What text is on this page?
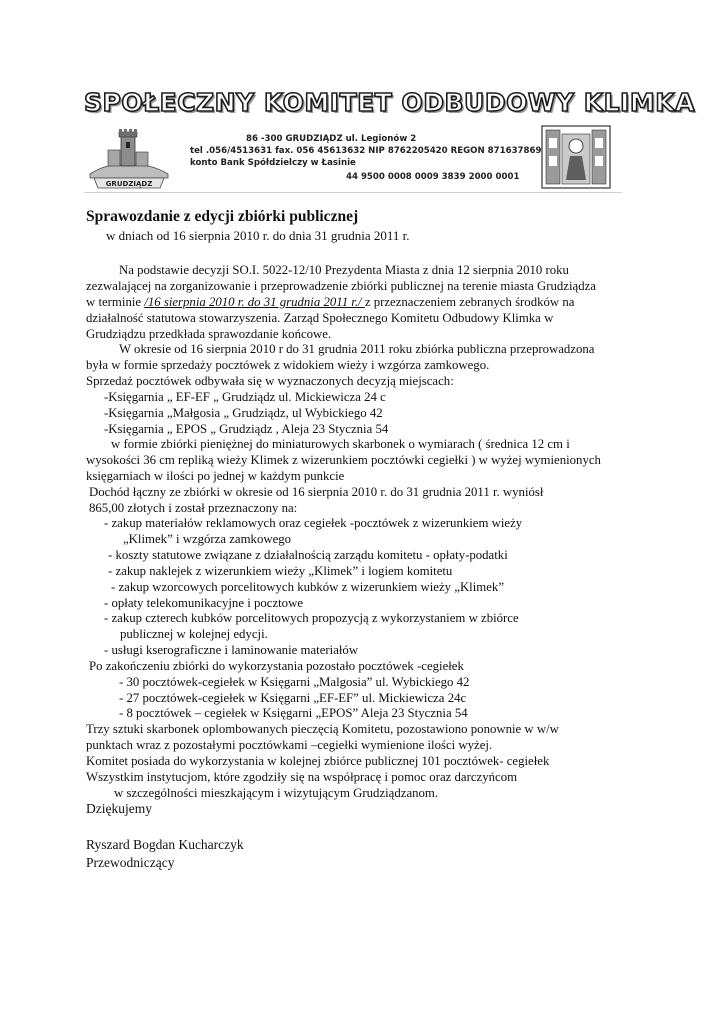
SPOŁECZNY KOMITET ODBUDOWY KLIMKA
GRUDZIĄDZ
86 -300 GRUDZIĄDZ ul. Legionów 2
tel .056/4513631 fax. 056 45613632 NIP 8762205420 REGON 871637869
konto Bank Spółdzielczy w Łasinie
44 9500 0008 0009 3839 2000 0001
Sprawozdanie z edycji zbiórki publicznej
w dniach od 16 sierpnia 2010 r. do dnia 31 grudnia 2011 r.
Na podstawie decyzji SO.I. 5022-12/10 Prezydenta Miasta z dnia 12 sierpnia 2010 roku
zezwalającej na zorganizowanie i przeprowadzenie zbiórki publicznej na terenie miasta Grudziądza
w terminie /16 sierpnia 2010 r. do 31 grudnia 2011 r./ z przeznaczeniem zebranych środków na
działalność statutowa stowarzyszenia. Zarząd Społecznego Komitetu Odbudowy Klimka w
Grudziądzu przedkłada sprawozdanie końcowe.
W okresie od 16 sierpnia 2010 r do 31 grudnia 2011 roku zbiórka publiczna przeprowadzona
była w formie sprzedaży pocztówek z widokiem wieży i wzgórza zamkowego.
Sprzedaż pocztówek odbywała się w wyznaczonych decyzją miejscach:
-Księgarnia „ EF-EF „ Grudziądz ul. Mickiewicza 24 c
-Księgarnia „Małgosia „ Grudziądz, ul Wybickiego 42
-Księgarnia „ EPOS „ Grudziądz , Aleja 23 Stycznia 54
w formie zbiórki pieniężnej do miniaturowych skarbonek o wymiarach ( średnica 12 cm i
wysokości 36 cm repliką wieży Klimek z wizerunkiem pocztówki cegiełki ) w wyżej wymienionych
księgarniach w ilości po jednej w każdym punkcie
Dochód łączny ze zbiórki w okresie od 16 sierpnia 2010 r. do 31 grudnia 2011 r. wyniósł
865,00 złotych i został przeznaczony na:
- zakup materiałów reklamowych oraz cegiełek -pocztówek z wizerunkiem wieży
„Klimek” i wzgórza zamkowego
- koszty statutowe związane z działalnością zarządu komitetu - opłaty-podatki
- zakup naklejek z wizerunkiem wieży „Klimek” i logiem komitetu
- zakup wzorcowych porcelitowych kubków z wizerunkiem wieży „Klimek”
- opłaty telekomunikacyjne i pocztowe
- zakup czterech kubków porcelitowych propozycją z wykorzystaniem w zbiórce
publicznej w kolejnej edycji.
- usługi kserograficzne i laminowanie materiałów
Po zakończeniu zbiórki do wykorzystania pozostało pocztówek -cegiełek
- 30 pocztówek-cegiełek w Księgarni „Malgosia” ul. Wybickiego 42
- 27 pocztówek-cegiełek w Księgarni „EF-EF” ul. Mickiewicza 24c
- 8 pocztówek – cegiełek w Księgarni „EPOS” Aleja 23 Stycznia 54
Trzy sztuki skarbonek oplombowanych pieczęcią Komitetu, pozostawiono ponownie w w/w
punktach wraz z pozostałymi pocztówkami –cegiełki wymienione ilości wyżej.
Komitet posiada do wykorzystania w kolejnej zbiórce publicznej 101 pocztówek- cegiełek
Wszystkim instytucjom, które zgodziły się na współpracę i pomoc oraz darczyńcom
w szczególności mieszkającym i wizytującym Grudziądzanom.
Dziękujemy
Ryszard Bogdan Kucharczyk
Przewodniczący
